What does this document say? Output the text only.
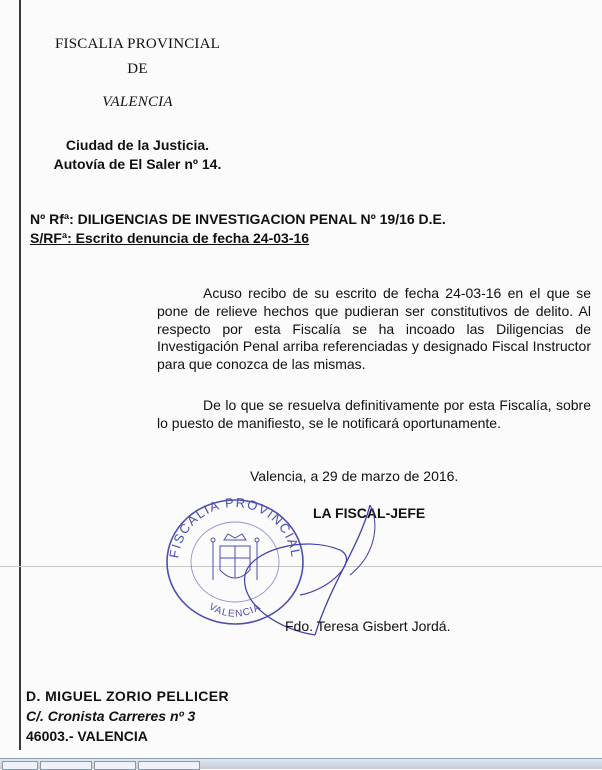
FISCALIA PROVINCIAL
DE
VALENCIA
Ciudad de la Justicia.
Autovía de El Saler nº 14.
Nº Rfª: DILIGENCIAS DE INVESTIGACION PENAL Nº 19/16 D.E.
S/RFª: Escrito denuncia de fecha 24-03-16

Acuso recibo de su escrito de fecha 24-03-16 en el que se pone de relieve hechos que pudieran ser constitutivos de delito. Al respecto por esta Fiscalía se ha incoado las Diligencias de Investigación Penal arriba referenciadas y designado Fiscal Instructor para que conozca de las mismas.

De lo que se resuelva definitivamente por esta Fiscalía, sobre lo puesto de manifiesto, se le notificará oportunamente.

Valencia, a 29 de marzo de 2016.
FISCALIA PROVINCIAL
VALENCIA
LA FISCAL-JEFE
Fdo. Teresa Gisbert Jordá.
D. MIGUEL ZORIO PELLICER
C/. Cronista Carreres nº 3
46003.- VALENCIA
